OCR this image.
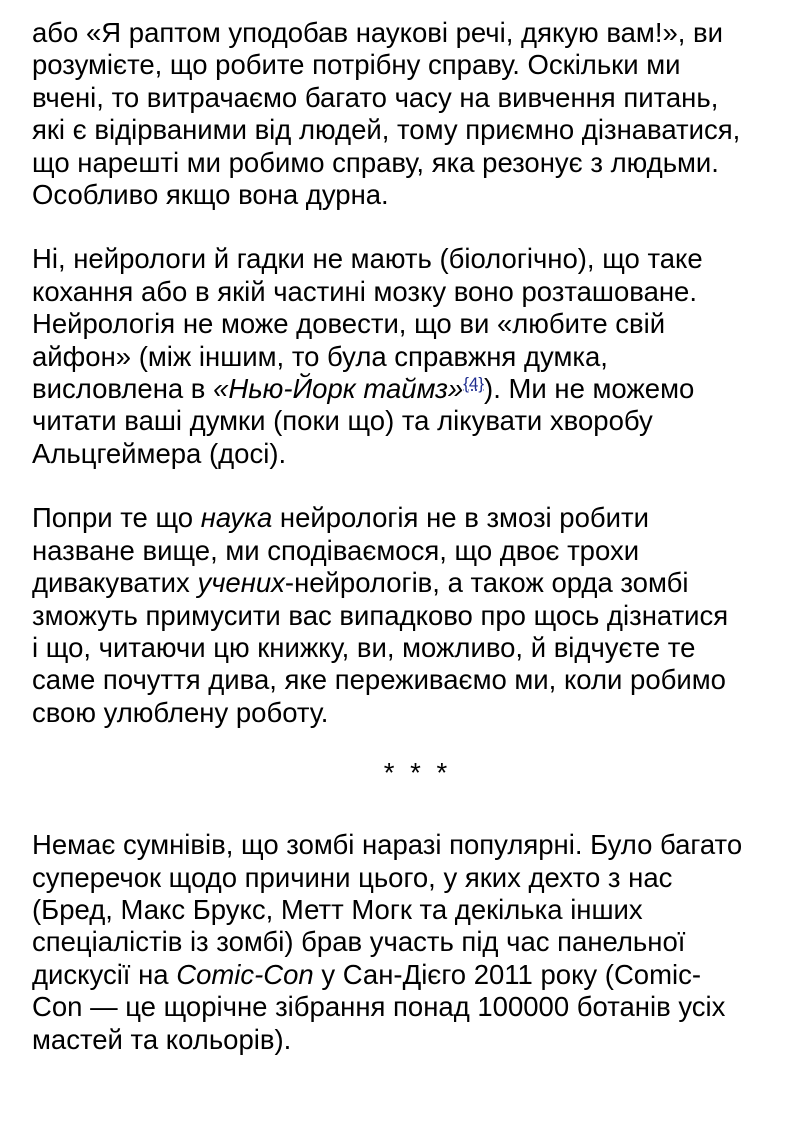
або «Я раптом уподобав наукові речі, дякую вам!», ви
розумієте, що робите потрібну справу. Оскільки ми
вчені, то витрачаємо багато часу на вивчення питань,
які є відірваними від людей, тому приємно дізнаватися,
що нарешті ми робимо справу, яка резонує з людьми.
Особливо якщо вона дурна.

Ні, нейрологи й гадки не мають (біологічно), що таке
кохання або в якій частині мозку воно розташоване.
Нейрологія не може довести, що ви «любите свій
айфон» (між іншим, то була справжня думка,
висловлена в «Нью-Йорк таймз»$^{\{4\}}$). Ми не можемо
читати ваші думки (поки що) та лікувати хворобу
Альцгеймера (досі).

Попри те що наука нейрологія не в змозі робити
назване вище, ми сподіваємося, що двоє трохи
дивакуватих учених-нейрологів, а також орда зомбі
зможуть примусити вас випадково про щось дізнатися
і що, читаючи цю книжку, ви, можливо, й відчуєте те
саме почуття дива, яке переживаємо ми, коли робимо
свою улюблену роботу.

* * *

Немає сумнівів, що зомбі наразі популярні. Було багато
суперечок щодо причини цього, у яких дехто з нас
(Бред, Макс Брукс, Метт Могк та декілька інших
спеціалістів із зомбі) брав участь під час панельної
дискусії на Comic-Con у Сан-Дієго 2011 року (Comic-
Con — це щорічне зібрання понад 100000 ботанів усіх
мастей та кольорів).
